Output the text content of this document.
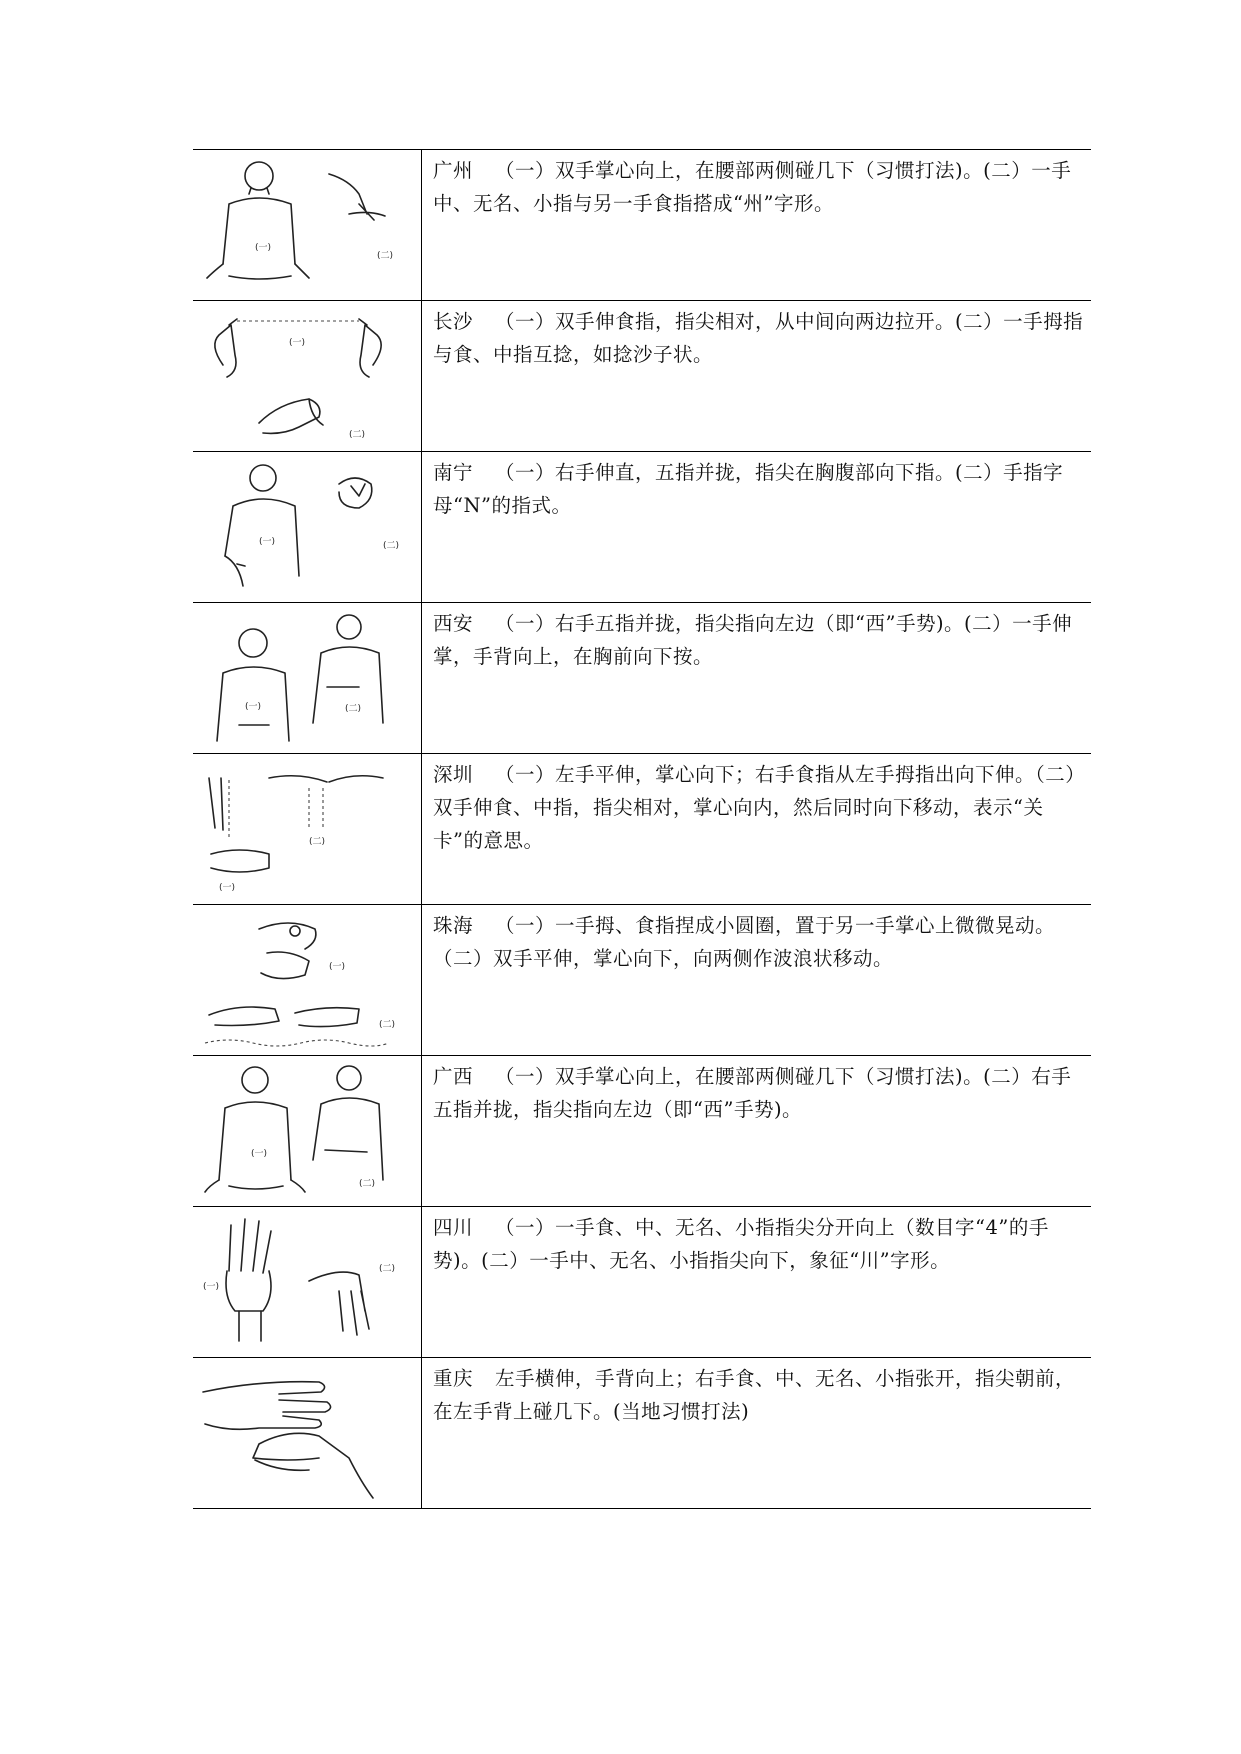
(一)
(二)
广州 （一）双手掌心向上，在腰部两侧碰几下（习惯打法)。(二）一手中、无名、小指与另一手食指搭成“州”字形。
(一)
(二)
长沙 （一）双手伸食指，指尖相对，从中间向两边拉开。(二）一手拇指与食、中指互捻，如捻沙子状。
(一)	(二)
南宁 （一）右手伸直，五指并拢，指尖在胸腹部向下指。(二）手指字母“N”的指式。
(一)	(二)
西安 （一）右手五指并拢，指尖指向左边（即“西”手势)。(二）一手伸掌，手背向上，在胸前向下按。
(一)
(二)
深圳 （一）左手平伸，掌心向下；右手食指从左手拇指出向下伸。（二）双手伸食、中指，指尖相对，掌心向内，然后同时向下移动，表示“关卡”的意思。
(一)
(二)
珠海 （一）一手拇、食指捏成小圆圈，置于另一手掌心上微微晃动。（二）双手平伸，掌心向下，向两侧作波浪状移动。
(一)
(二)
广西 （一）双手掌心向上，在腰部两侧碰几下（习惯打法)。(二）右手五指并拢，指尖指向左边（即“西”手势)。
(一)
(二)
四川 （一）一手食、中、无名、小指指尖分开向上（数目字“4”的手势)。(二）一手中、无名、小指指尖向下，象征“川”字形。
重庆 左手横伸，手背向上；右手食、中、无名、小指张开，指尖朝前，在左手背上碰几下。(当地习惯打法)
